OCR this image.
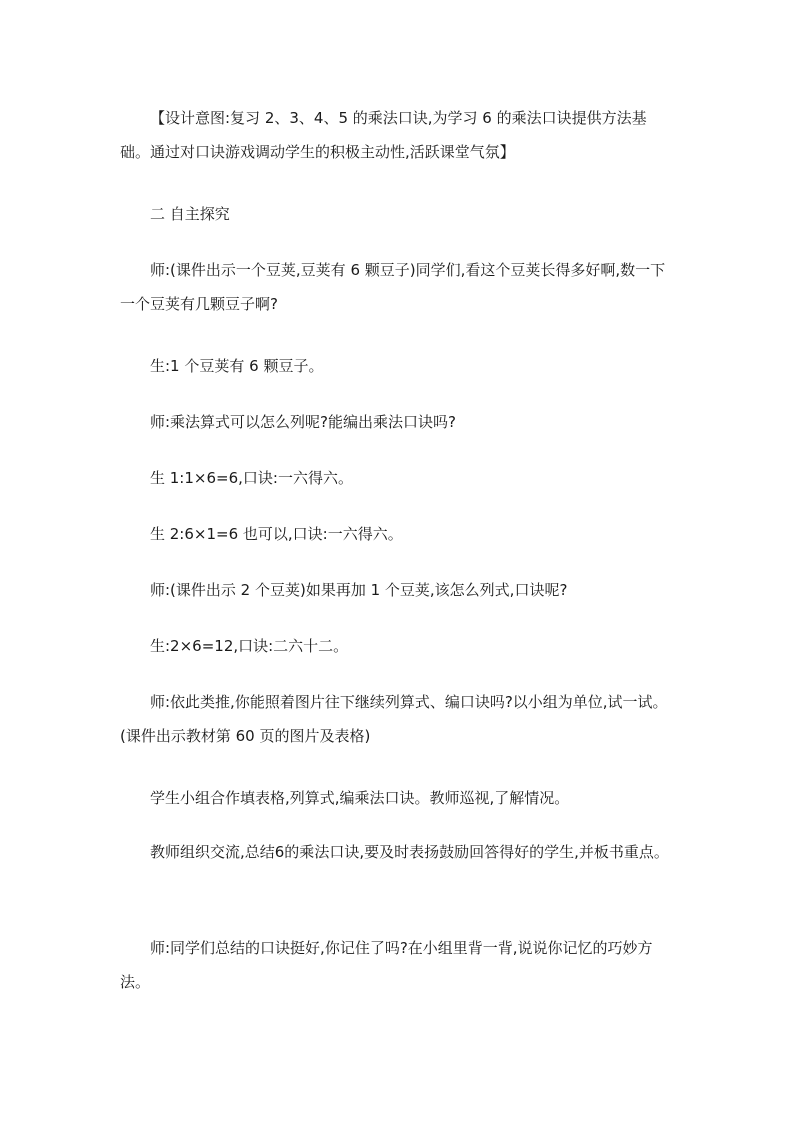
【设计意图:复习 2、3、4、5 的乘法口诀,为学习 6 的乘法口诀提供方法基础。通过对口诀游戏调动学生的积极主动性,活跃课堂气氛】

二 自主探究

师:(课件出示一个豆荚,豆荚有 6 颗豆子)同学们,看这个豆荚长得多好啊,数一下一个豆荚有几颗豆子啊?

生:1 个豆荚有 6 颗豆子。

师:乘法算式可以怎么列呢?能编出乘法口诀吗?

生 1:1×6=6,口诀:一六得六。

生 2:6×1=6 也可以,口诀:一六得六。

师:(课件出示 2 个豆荚)如果再加 1 个豆荚,该怎么列式,口诀呢?

生:2×6=12,口诀:二六十二。

师:依此类推,你能照着图片往下继续列算式、编口诀吗?以小组为单位,试一试。(课件出示教材第 60 页的图片及表格)

学生小组合作填表格,列算式,编乘法口诀。教师巡视,了解情况。

教师组织交流,总结6的乘法口诀,要及时表扬鼓励回答得好的学生,并板书重点。

师:同学们总结的口诀挺好,你记住了吗?在小组里背一背,说说你记忆的巧妙方法。
